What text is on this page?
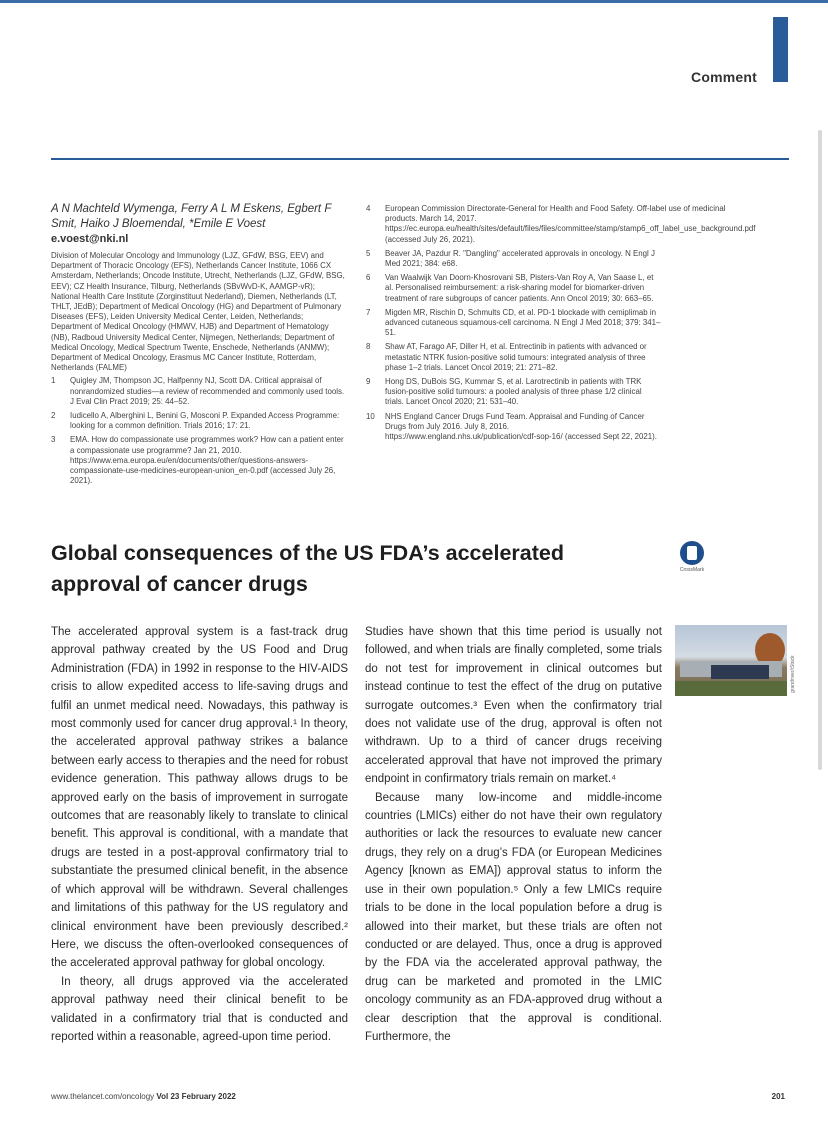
Comment

A N Machteld Wymenga, Ferry A L M Eskens, Egbert F Smit, Haiko J Bloemendal, *Emile E Voest

e.voest@nki.nl

Division of Molecular Oncology and Immunology (LJZ, GFdW, BSG, EEV) and Department of Thoracic Oncology (EFS), Netherlands Cancer Institute, 1066 CX Amsterdam, Netherlands; Oncode Institute, Utrecht, Netherlands (LJZ, GFdW, BSG, EEV); CZ Health Insurance, Tilburg, Netherlands (SBvWvD-K, AAMGP-vR); National Health Care Institute (Zorginstituut Nederland), Diemen, Netherlands (LT, THLT, JEdB); Department of Medical Oncology (HG) and Department of Pulmonary Diseases (EFS), Leiden University Medical Center, Leiden, Netherlands; Department of Medical Oncology (HMWV, HJB) and Department of Hematology (NB), Radboud University Medical Center, Nijmegen, Netherlands; Department of Medical Oncology, Medical Spectrum Twente, Enschede, Netherlands (ANMW); Department of Medical Oncology, Erasmus MC Cancer Institute, Rotterdam, Netherlands (FALME)

1	Quigley JM, Thompson JC, Halfpenny NJ, Scott DA. Critical appraisal of nonrandomized studies—a review of recommended and commonly used tools. J Eval Clin Pract 2019; 25: 44–52.
2	Iudicello A, Alberghini L, Benini G, Mosconi P. Expanded Access Programme: looking for a common definition. Trials 2016; 17: 21.
3	EMA. How do compassionate use programmes work? How can a patient enter a compassionate use programme? Jan 21, 2010. https://www.ema.europa.eu/en/documents/other/questions-answers-compassionate-use-medicines-european-union_en-0.pdf (accessed July 26, 2021).
4	European Commission Directorate-General for Health and Food Safety. Off-label use of medicinal products. March 14, 2017. https://ec.europa.eu/health/sites/default/files/files/committee/stamp/stamp6_off_label_use_background.pdf (accessed July 26, 2021).
5	Beaver JA, Pazdur R. "Dangling" accelerated approvals in oncology. N Engl J Med 2021; 384: e68.
6	Van Waalwijk Van Doorn-Khosrovani SB, Pisters-Van Roy A, Van Saase L, et al. Personalised reimbursement: a risk-sharing model for biomarker-driven treatment of rare subgroups of cancer patients. Ann Oncol 2019; 30: 663–65.
7	Migden MR, Rischin D, Schmults CD, et al. PD-1 blockade with cemiplimab in advanced cutaneous squamous-cell carcinoma. N Engl J Med 2018; 379: 341–51.
8	Shaw AT, Farago AF, Diller H, et al. Entrectinib in patients with advanced or metastatic NTRK fusion-positive solid tumours: integrated analysis of three phase 1–2 trials. Lancet Oncol 2019; 21: 271–82.
9	Hong DS, DuBois SG, Kummar S, et al. Larotrectinib in patients with TRK fusion-positive solid tumours: a pooled analysis of three phase 1/2 clinical trials. Lancet Oncol 2020; 21: 531–40.
10	NHS England Cancer Drugs Fund Team. Appraisal and Funding of Cancer Drugs from July 2016. July 8, 2016. https://www.england.nhs.uk/publication/cdf-sop-16/ (accessed Sept 22, 2021).
Global consequences of the US FDA’s accelerated approval of cancer drugs
CrossMark

The accelerated approval system is a fast-track drug approval pathway created by the US Food and Drug Administration (FDA) in 1992 in response to the HIV-AIDS crisis to allow expedited access to life-saving drugs and fulfil an unmet medical need. Nowadays, this pathway is most commonly used for cancer drug approval.¹ In theory, the accelerated approval pathway strikes a balance between early access to therapies and the need for robust evidence generation. This pathway allows drugs to be approved early on the basis of improvement in surrogate outcomes that are reasonably likely to translate to clinical benefit. This approval is conditional, with a mandate that drugs are tested in a post-approval confirmatory trial to substantiate the presumed clinical benefit, in the absence of which approval will be withdrawn. Several challenges and limitations of this pathway for the US regulatory and clinical environment have been previously described.² Here, we discuss the often-overlooked consequences of the accelerated approval pathway for global oncology.

In theory, all drugs approved via the accelerated approval pathway need their clinical benefit to be validated in a confirmatory trial that is conducted and reported within a reasonable, agreed-upon time period.

Studies have shown that this time period is usually not followed, and when trials are finally completed, some trials do not test for improvement in clinical outcomes but instead continue to test the effect of the drug on putative surrogate outcomes.³ Even when the confirmatory trial does not validate use of the drug, approval is often not withdrawn. Up to a third of cancer drugs receiving accelerated approval that have not improved the primary endpoint in confirmatory trials remain on market.⁴

Because many low-income and middle-income countries (LMICs) either do not have their own regulatory authorities or lack the resources to evaluate new cancer drugs, they rely on a drug’s FDA (or European Medicines Agency [known as EMA]) approval status to inform the use in their own population.⁵ Only a few LMICs require trials to be done in the local population before a drug is allowed into their market, but these trials are often not conducted or are delayed. Thus, once a drug is approved by the FDA via the accelerated approval pathway, the drug can be marketed and promoted in the LMIC oncology community as an FDA-approved drug without a clear description that the approval is conditional. Furthermore, the

grandriver/iStock
www.thelancet.com/oncology Vol 23 February 2022	201
